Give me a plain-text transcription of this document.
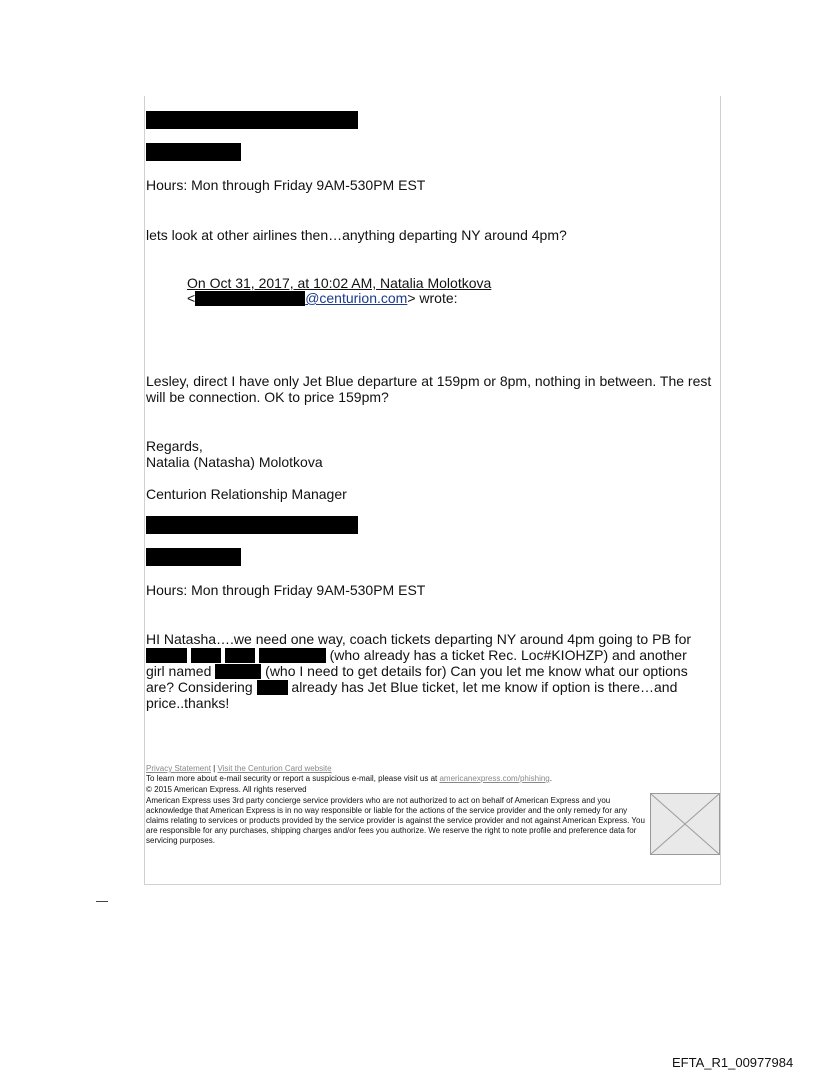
Hours: Mon through Friday 9AM-530PM EST
lets look at other airlines then…anything departing NY around 4pm?
On Oct 31, 2017, at 10:02 AM, Natalia Molotkova
<	@centurion.com> wrote:
Lesley, direct I have only Jet Blue departure at 159pm or 8pm, nothing in between. The rest will be connection. OK to price 159pm?
Regards,
Natalia (Natasha) Molotkova
Centurion Relationship Manager
Hours: Mon through Friday 9AM-530PM EST
HI Natasha….we need one way, coach tickets departing NY around 4pm going to PB for
(who already has a ticket Rec. Loc#KIOHZP) and another
girl named	(who I need to get details for) Can you let me know what our options
are? Considering	already has Jet Blue ticket, let me know if option is there…and
price..thanks!
Privacy Statement | Visit the Centurion Card website
To learn more about e-mail security or report a suspicious e-mail, please visit us at americanexpress.com/phishing.
© 2015 American Express. All rights reserved
American Express uses 3rd party concierge service providers who are not authorized to act on behalf of American Express and you acknowledge that American Express is in no way responsible or liable for the actions of the service provider and the only remedy for any claims relating to services or products provided by the service provider is against the service provider and not against American Express. You are responsible for any purchases, shipping charges and/or fees you authorize. We reserve the right to note profile and preference data for servicing purposes.
EFTA_R1_00977984
